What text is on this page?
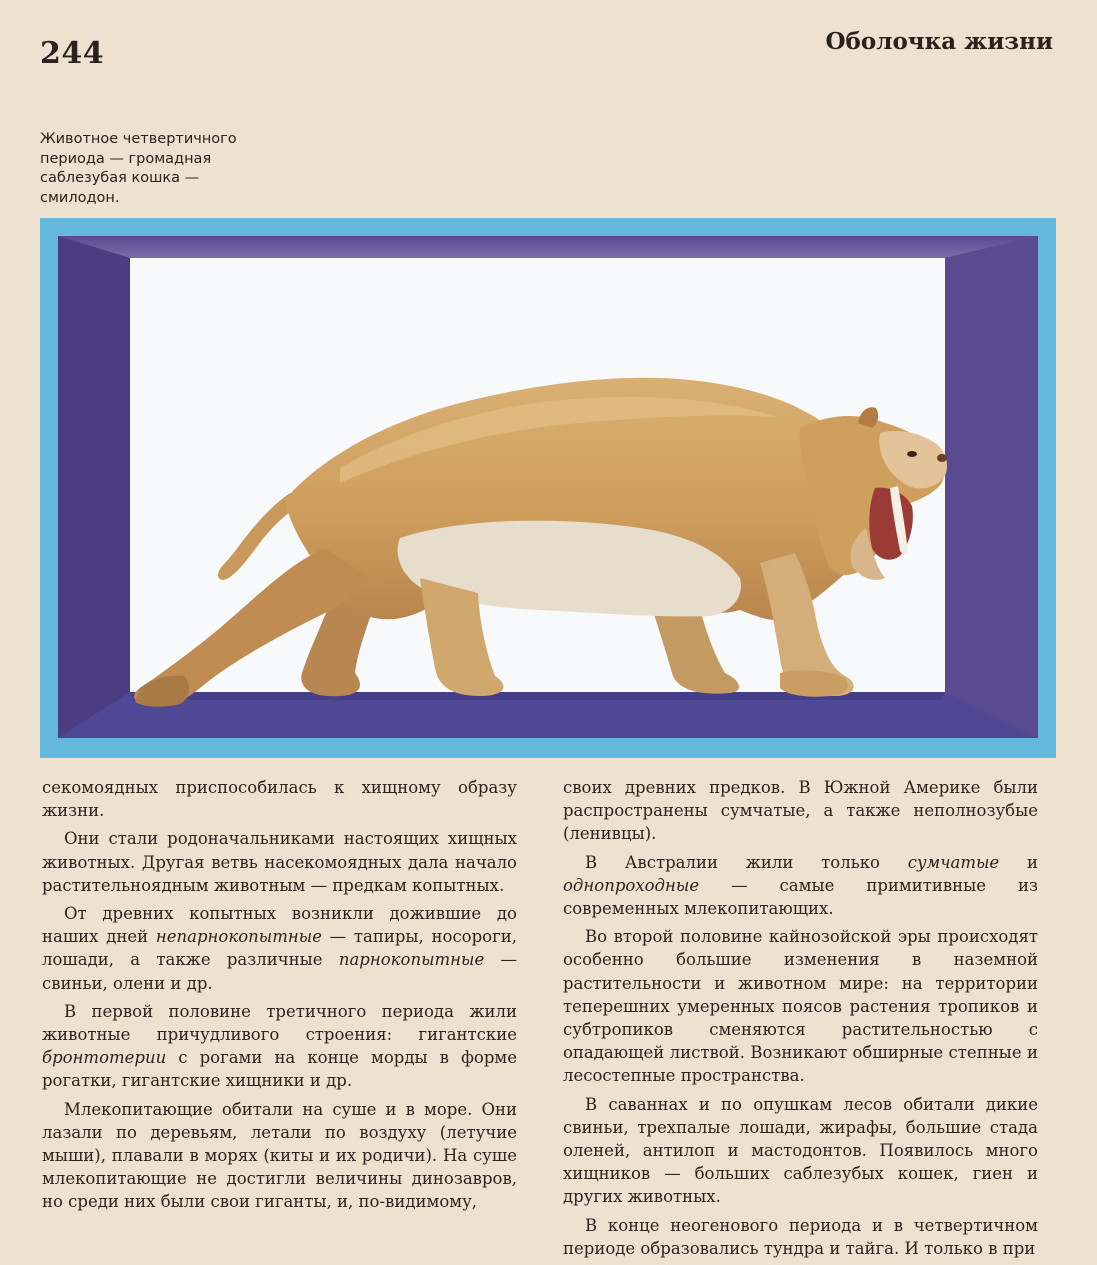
244	Оболочка жизни
Животное четвертичного
периода — громадная
саблезубая кошка —
смилодон.

секомоядных приспособилась к хищному образу жизни.

Они стали родоначальниками настоящих хищных животных. Другая ветвь насекомоядных дала начало растительноядным животным — предкам копытных.

От древних копытных возникли дожившие до наших дней непарнокопытные — тапиры, носороги, лошади, а также различные парнокопытные — свиньи, олени и др.

В первой половине третичного периода жили животные причудливого строения: гигантские бронтотерии с рогами на конце морды в форме рогатки, гигантские хищники и др.

Млекопитающие обитали на суше и в море. Они лазали по деревьям, летали по воздуху (летучие мыши), плавали в морях (киты и их родичи). На суше млекопитающие не достигли величины динозавров, но среди них были свои гиганты, и, по-видимому,

своих древних предков. В Южной Америке были распространены сумчатые, а также неполнозубые (ленивцы).

В Австралии жили только сумчатые и однопроходные — самые примитивные из современных млекопитающих.

Во второй половине кайнозойской эры происходят особенно большие изменения в наземной растительности и животном мире: на территории теперешних умеренных поясов растения тропиков и субтропиков сменяются растительностью с опадающей листвой. Возникают обширные степные и лесостепные пространства.

В саваннах и по опушкам лесов обитали дикие свиньи, трехпалые лошади, жирафы, большие стада оленей, антилоп и мастодонтов. Появилось много хищников — больших саблезубых кошек, гиен и других животных.

В конце неогенового периода и в четвертичном периоде образовались тундра и тайга. И только в при
